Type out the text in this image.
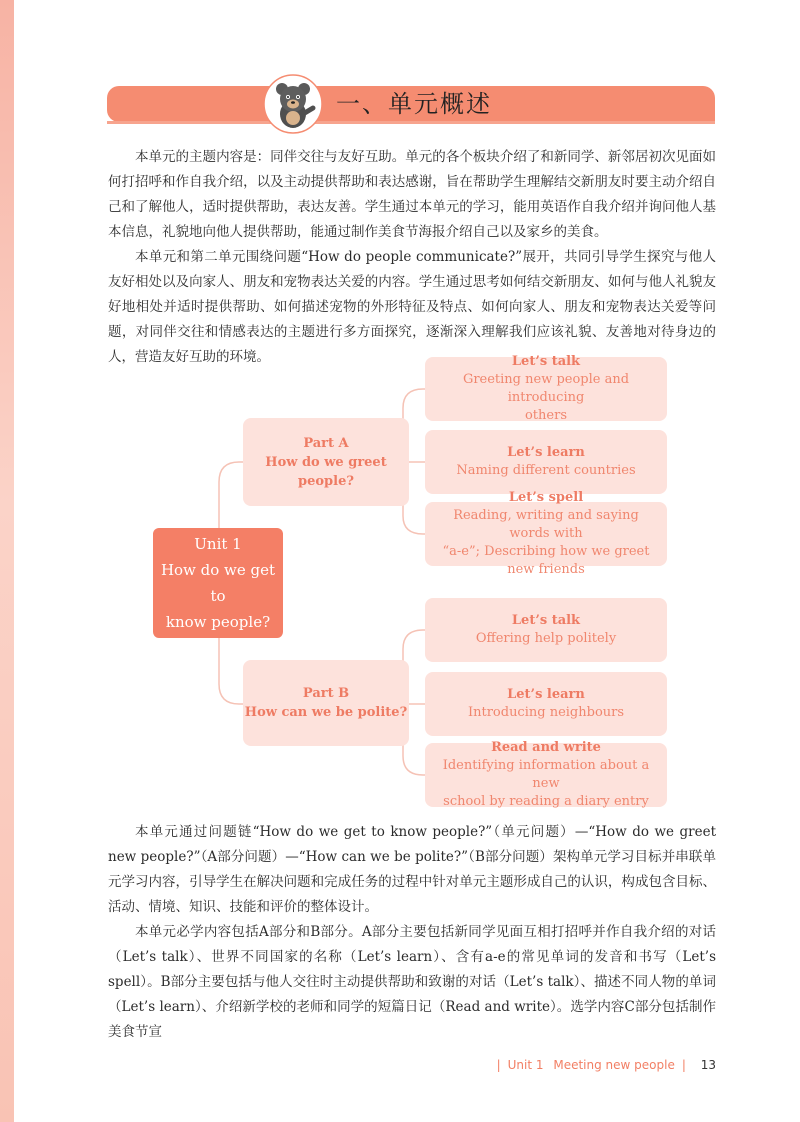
一、单元概述

本单元的主题内容是：同伴交往与友好互助。单元的各个板块介绍了和新同学、新邻居初次见面如何打招呼和作自我介绍，以及主动提供帮助和表达感谢，旨在帮助学生理解结交新朋友时要主动介绍自己和了解他人，适时提供帮助，表达友善。学生通过本单元的学习，能用英语作自我介绍并询问他人基本信息，礼貌地向他人提供帮助，能通过制作美食节海报介绍自己以及家乡的美食。

本单元和第二单元围绕问题“How do people communicate?”展开，共同引导学生探究与他人友好相处以及向家人、朋友和宠物表达关爱的内容。学生通过思考如何结交新朋友、如何与他人礼貌友好地相处并适时提供帮助、如何描述宠物的外形特征及特点、如何向家人、朋友和宠物表达关爱等问题，对同伴交往和情感表达的主题进行多方面探究，逐渐深入理解我们应该礼貌、友善地对待身边的人，营造友好互助的环境。

Unit 1
How do we get to
know people?
Part A
How do we greet people?
Let’s talk
Greeting new people and introducing
others
Let’s learn
Naming different countries
Let’s spell
Reading, writing and saying words with
“a-e”; Describing how we greet new friends
Part B
How can we be polite?
Let’s talk
Offering help politely
Let’s learn
Introducing neighbours
Read and write
Identifying information about a new
school by reading a diary entry

本单元通过问题链“How do we get to know people?”（单元问题）—“How do we greet new people?”（A部分问题）—“How can we be polite?”（B部分问题）架构单元学习目标并串联单元学习内容，引导学生在解决问题和完成任务的过程中针对单元主题形成自己的认识，构成包含目标、活动、情境、知识、技能和评价的整体设计。

本单元必学内容包括A部分和B部分。A部分主要包括新同学见面互相打招呼并作自我介绍的对话（Let’s talk）、世界不同国家的名称（Let’s learn）、含有a-e的常见单词的发音和书写（Let’s spell）。B部分主要包括与他人交往时主动提供帮助和致谢的对话（Let’s talk）、描述不同人物的单词（Let’s learn）、介绍新学校的老师和同学的短篇日记（Read and write）。选学内容C部分包括制作美食节宣

| Unit 1 Meeting new people | 13
